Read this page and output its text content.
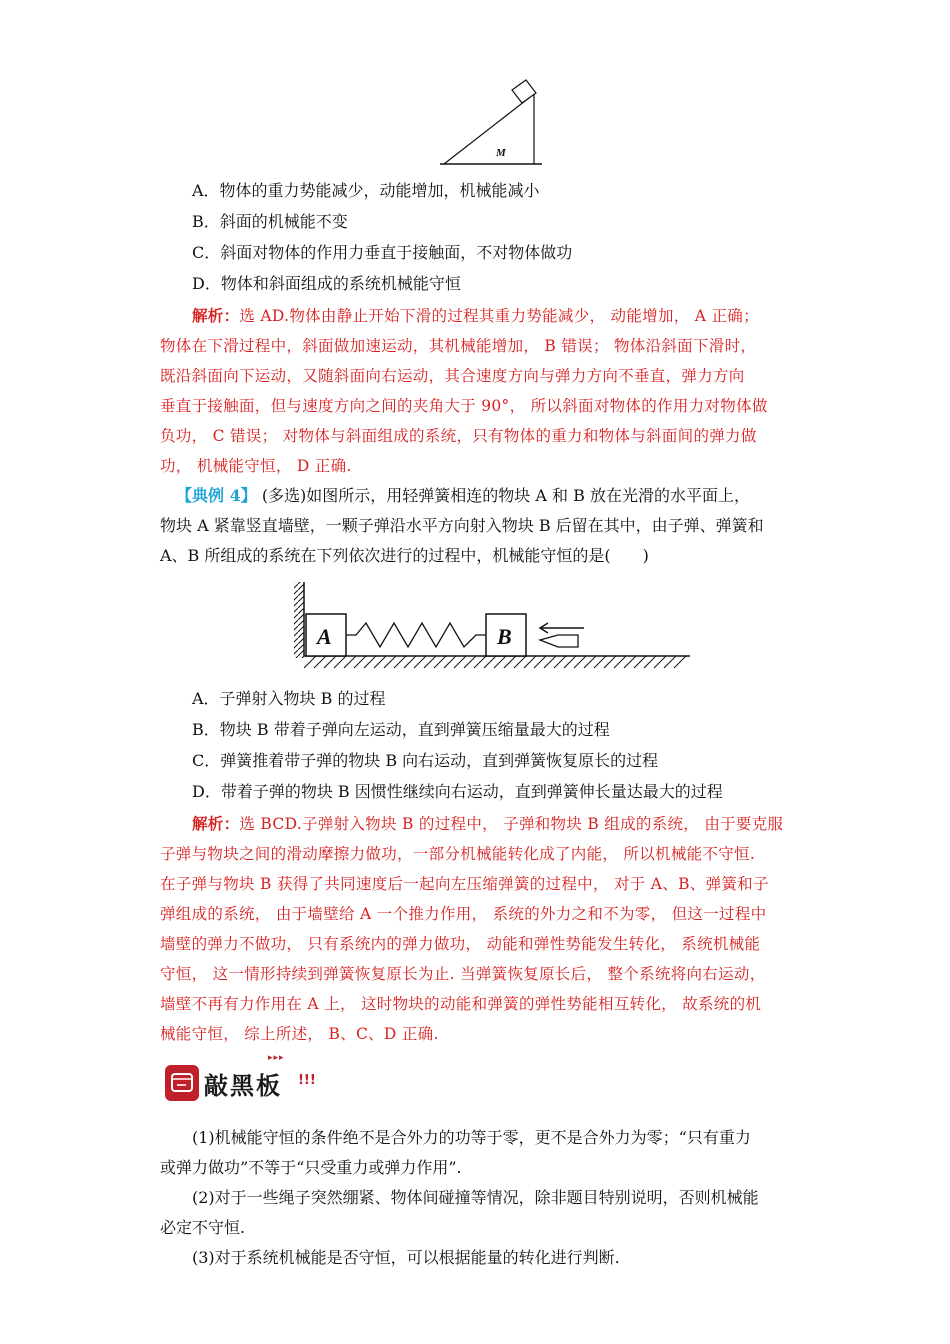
M
A．物体的重力势能减少，动能增加，机械能减小
B．斜面的机械能不变
C．斜面对物体的作用力垂直于接触面，不对物体做功
D．物体和斜面组成的系统机械能守恒
解析：选 AD.物体由静止开始下滑的过程其重力势能减少， 动能增加， A 正确；
物体在下滑过程中，斜面做加速运动，其机械能增加， B 错误； 物体沿斜面下滑时，
既沿斜面向下运动，又随斜面向右运动，其合速度方向与弹力方向不垂直，弹力方向
垂直于接触面，但与速度方向之间的夹角大于 90°， 所以斜面对物体的作用力对物体做
负功， C 错误； 对物体与斜面组成的系统，只有物体的重力和物体与斜面间的弹力做
功， 机械能守恒， D 正确.
【典例 4】 (多选)如图所示，用轻弹簧相连的物块 A 和 B 放在光滑的水平面上，
物块 A 紧靠竖直墙壁，一颗子弹沿水平方向射入物块 B 后留在其中，由子弹、弹簧和
A、B 所组成的系统在下列依次进行的过程中，机械能守恒的是(　　)
A	B
A．子弹射入物块 B 的过程
B．物块 B 带着子弹向左运动，直到弹簧压缩量最大的过程
C．弹簧推着带子弹的物块 B 向右运动，直到弹簧恢复原长的过程
D．带着子弹的物块 B 因惯性继续向右运动，直到弹簧伸长量达最大的过程
解析：选 BCD.子弹射入物块 B 的过程中， 子弹和物块 B 组成的系统， 由于要克服
子弹与物块之间的滑动摩擦力做功，一部分机械能转化成了内能， 所以机械能不守恒.
在子弹与物块 B 获得了共同速度后一起向左压缩弹簧的过程中， 对于 A、B、弹簧和子
弹组成的系统， 由于墙壁给 A 一个推力作用， 系统的外力之和不为零， 但这一过程中
墙壁的弹力不做功， 只有系统内的弹力做功， 动能和弹性势能发生转化， 系统机械能
守恒， 这一情形持续到弹簧恢复原长为止. 当弹簧恢复原长后， 整个系统将向右运动，
墙壁不再有力作用在 A 上， 这时物块的动能和弹簧的弹性势能相互转化， 故系统的机
械能守恒， 综上所述， B、C、D 正确.
▸▸▸
敲黑板 !!!
(1)机械能守恒的条件绝不是合外力的功等于零，更不是合外力为零；“只有重力
或弹力做功”不等于“只受重力或弹力作用”.
(2)对于一些绳子突然绷紧、物体间碰撞等情况，除非题目特别说明，否则机械能
必定不守恒.
(3)对于系统机械能是否守恒，可以根据能量的转化进行判断.
